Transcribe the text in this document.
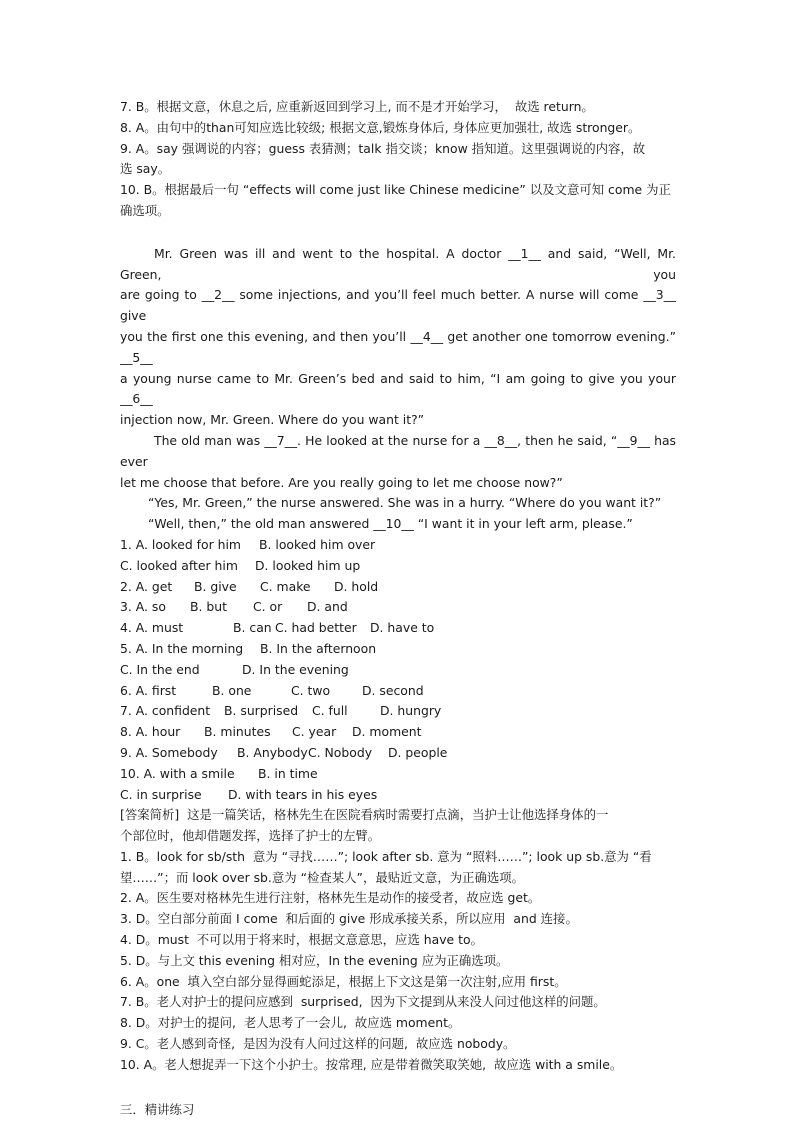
7. B。根据文意，休息之后, 应重新返回到学习上, 而不是才开始学习，  故选 return。
8. A。由句中的than可知应选比较级; 根据文意,锻炼身体后, 身体应更加强壮, 故选 stronger。
9. A。say 强调说的内容；guess 表猜测；talk 指交谈；know 指知道。这里强调说的内容，故
选 say。
10. B。根据最后一句 “effects will come just like Chinese medicine” 以及文意可知 come 为正
确选项。
Mr. Green was ill and went to the hospital. A doctor __1__ and said, “Well, Mr. Green, you
are going to __2__ some injections, and you’ll feel much better. A nurse will come __3__ give
you the first one this evening, and then you’ll __4__ get another one tomorrow evening.” __5__
a young nurse came to Mr. Green’s bed and said to him, “I am going to give you your __6__
injection now, Mr. Green. Where do you want it?”
The old man was __7__. He looked at the nurse for a __8__, then he said, “__9__ has ever
let me choose that before. Are you really going to let me choose now?”
“Yes, Mr. Green,” the nurse answered. She was in a hurry. “Where do you want it?”
“Well, then,” the old man answered __10__ “I want it in your left arm, please.”
1. A. looked for him B. looked him over
C. looked after him D. looked him up
2. A. get B. give C. make D. hold
3. A. so B. but C. or D. and
4. A. must	B. can C. had better D. have to
5. A. In the morning B. In the afternoon
C. In the end	D. In the evening
6. A. first	B. one	C. two	D. second
7. A. confident B. surprised C. full	D. hungry
8. A. hour B. minutes C. year D. moment
9. A. Somebody B. AnybodyC. Nobody D. people
10. A. with a smile B. in time
C. in surprise D. with tears in his eyes
[答案简析]  这是一篇笑话，格林先生在医院看病时需要打点滴，当护士让他选择身体的一
个部位时，他却借题发挥，选择了护士的左臂。
1. B。look for sb/sth  意为 “寻找……”; look after sb. 意为 “照料……”; look up sb.意为 “看
望……”；而 look over sb.意为 “检查某人”，最贴近文意，为正确选项。
2. A。医生要对格林先生进行注射，格林先生是动作的接受者，故应选 get。
3. D。空白部分前面 I come  和后面的 give 形成承接关系，所以应用  and 连接。
4. D。must  不可以用于将来时，根据文意意思，应选 have to。
5. D。与上文 this evening 相对应，In the evening 应为正确选项。
6. A。one  填入空白部分显得画蛇添足，根据上下文这是第一次注射,应用 first。
7. B。老人对护士的提问应感到  surprised,  因为下文提到从来没人问过他这样的问题。
8. D。对护士的提问,  老人思考了一会儿,  故应选 moment。
9. C。老人感到奇怪,  是因为没有人问过这样的问题,  故应选 nobody。
10. A。老人想捉弄一下这个小护士。按常理, 应是带着微笑取笑她,  故应选 with a smile。
三．精讲练习
